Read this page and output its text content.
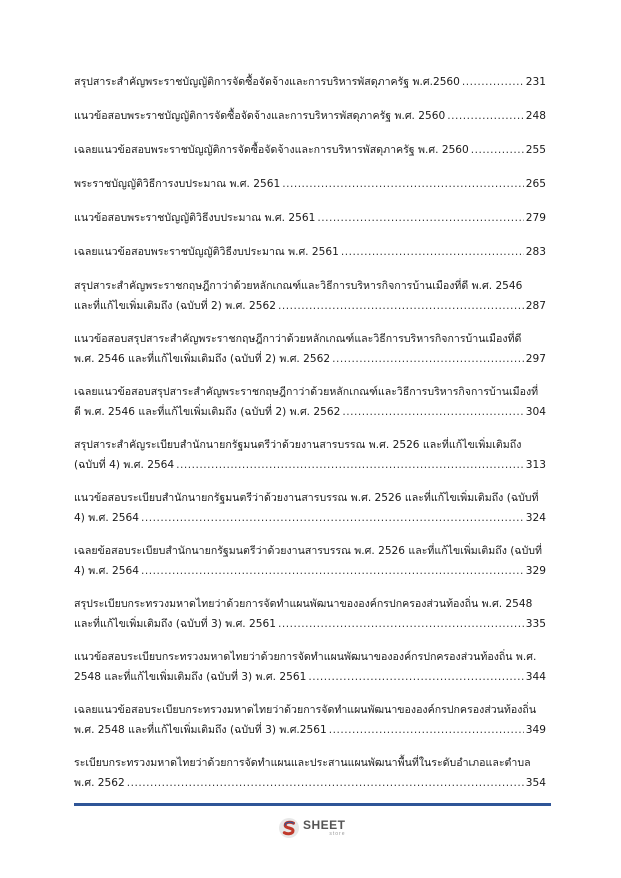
สรุปสาระสำคัญพระราชบัญญัติการจัดซื้อจัดจ้างและการบริหารพัสดุภาครัฐ พ.ศ.2560 .....	231
แนวข้อสอบพระราชบัญญัติการจัดซื้อจัดจ้างและการบริหารพัสดุภาครัฐ พ.ศ. 2560 .....	248
เฉลยแนวข้อสอบพระราชบัญญัติการจัดซื้อจัดจ้างและการบริหารพัสดุภาครัฐ พ.ศ. 2560 .....	255
พระราชบัญญัติวิธีการงบประมาณ พ.ศ. 2561 .....	265
แนวข้อสอบพระราชบัญญัติวิธีงบประมาณ พ.ศ. 2561 .....	279
เฉลยแนวข้อสอบพระราชบัญญัติวิธีงบประมาณ พ.ศ. 2561 .....	283
สรุปสาระสำคัญพระราชกฤษฎีกาว่าด้วยหลักเกณฑ์และวิธีการบริหารกิจการบ้านเมืองที่ดี พ.ศ. 2546
และที่แก้ไขเพิ่มเติมถึง (ฉบับที่ 2) พ.ศ. 2562 .....	287
แนวข้อสอบสรุปสาระสำคัญพระราชกฤษฎีกาว่าด้วยหลักเกณฑ์และวิธีการบริหารกิจการบ้านเมืองที่ดี
พ.ศ. 2546 และที่แก้ไขเพิ่มเติมถึง (ฉบับที่ 2) พ.ศ. 2562 .....	297
เฉลยแนวข้อสอบสรุปสาระสำคัญพระราชกฤษฎีกาว่าด้วยหลักเกณฑ์และวิธีการบริหารกิจการบ้านเมืองที่
ดี พ.ศ. 2546 และที่แก้ไขเพิ่มเติมถึง (ฉบับที่ 2) พ.ศ. 2562 .....	304
สรุปสาระสำคัญระเบียบสำนักนายกรัฐมนตรีว่าด้วยงานสารบรรณ พ.ศ. 2526 และที่แก้ไขเพิ่มเติมถึง
(ฉบับที่ 4) พ.ศ. 2564 .....	313
แนวข้อสอบระเบียบสำนักนายกรัฐมนตรีว่าด้วยงานสารบรรณ พ.ศ. 2526 และที่แก้ไขเพิ่มเติมถึง (ฉบับที่
4) พ.ศ. 2564 .....	324
เฉลยข้อสอบระเบียบสำนักนายกรัฐมนตรีว่าด้วยงานสารบรรณ พ.ศ. 2526 และที่แก้ไขเพิ่มเติมถึง (ฉบับที่
4) พ.ศ. 2564 .....	329
สรุประเบียบกระทรวงมหาดไทยว่าด้วยการจัดทำแผนพัฒนาขององค์กรปกครองส่วนท้องถิ่น พ.ศ. 2548
และที่แก้ไขเพิ่มเติมถึง (ฉบับที่ 3) พ.ศ. 2561 .....	335
แนวข้อสอบระเบียบกระทรวงมหาดไทยว่าด้วยการจัดทำแผนพัฒนาขององค์กรปกครองส่วนท้องถิ่น พ.ศ.
2548 และที่แก้ไขเพิ่มเติมถึง (ฉบับที่ 3) พ.ศ. 2561 .....	344
เฉลยแนวข้อสอบระเบียบกระทรวงมหาดไทยว่าด้วยการจัดทำแผนพัฒนาขององค์กรปกครองส่วนท้องถิ่น
พ.ศ. 2548 และที่แก้ไขเพิ่มเติมถึง (ฉบับที่ 3) พ.ศ.2561 .....	349
ระเบียบกระทรวงมหาดไทยว่าด้วยการจัดทำแผนและประสานแผนพัฒนาพื้นที่ในระดับอำเภอและตำบล
พ.ศ. 2562 .....	354
SHEET
store
